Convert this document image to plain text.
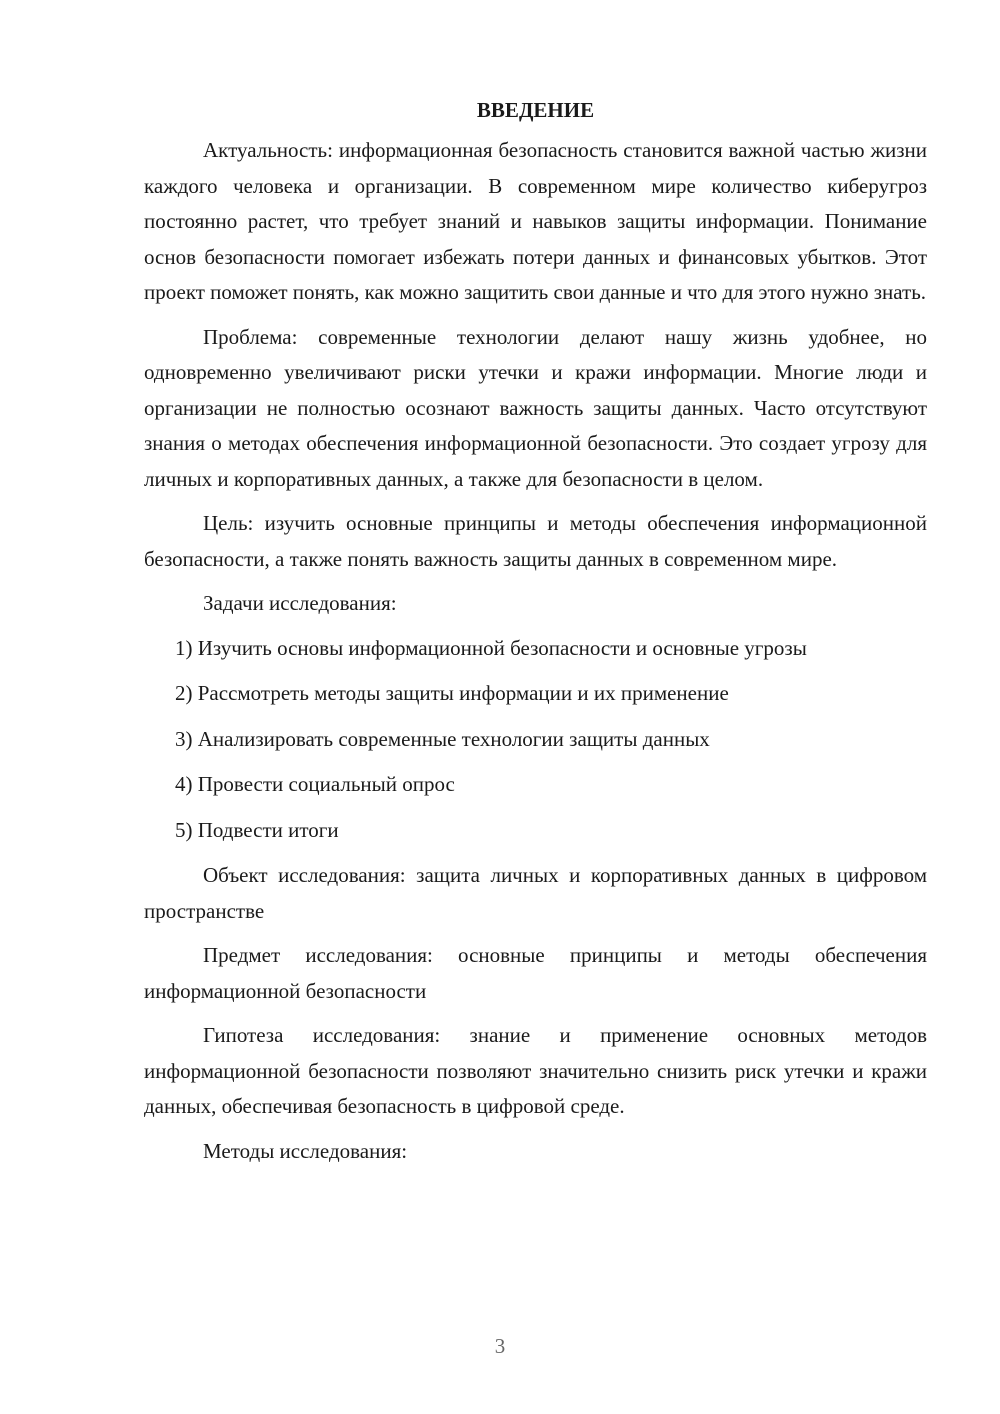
ВВЕДЕНИЕ

Актуальность: информационная безопасность становится важной частью жизни каждого человека и организации. В современном мире количество киберугроз постоянно растет, что требует знаний и навыков защиты информации. Понимание основ безопасности помогает избежать потери данных и финансовых убытков. Этот проект поможет понять, как можно защитить свои данные и что для этого нужно знать.

Проблема: современные технологии делают нашу жизнь удобнее, но одновременно увеличивают риски утечки и кражи информации. Многие люди и организации не полностью осознают важность защиты данных. Часто отсутствуют знания о методах обеспечения информационной безопасности. Это создает угрозу для личных и корпоративных данных, а также для безопасности в целом.

Цель: изучить основные принципы и методы обеспечения информационной безопасности, а также понять важность защиты данных в современном мире.

Задачи исследования:

1) Изучить основы информационной безопасности и основные угрозы
2) Рассмотреть методы защиты информации и их применение
3) Анализировать современные технологии защиты данных
4) Провести социальный опрос
5) Подвести итоги

Объект исследования: защита личных и корпоративных данных в цифровом пространстве

Предмет исследования: основные принципы и методы обеспечения информационной безопасности

Гипотеза исследования: знание и применение основных методов информационной безопасности позволяют значительно снизить риск утечки и кражи данных, обеспечивая безопасность в цифровой среде.

Методы исследования:

3
